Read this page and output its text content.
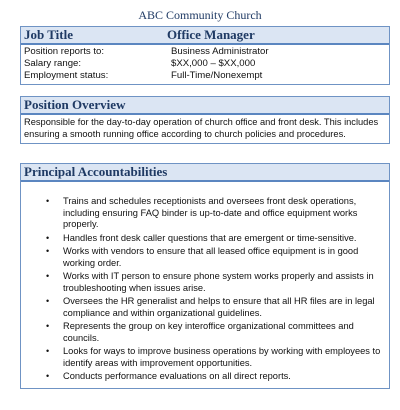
ABC Community Church
Job Title	Office Manager
Position reports to:	Business Administrator
Salary range:	$XX,000 – $XX,000
Employment status:	Full-Time/Nonexempt
Position Overview
Responsible for the day-to-day operation of church office and front desk. This includes ensuring a smooth running office according to church policies and procedures.
Principal Accountabilities
• Trains and schedules receptionists and oversees front desk operations, including ensuring FAQ binder is up-to-date and office equipment works properly.
• Handles front desk caller questions that are emergent or time-sensitive.
• Works with vendors to ensure that all leased office equipment is in good working order.
• Works with IT person to ensure phone system works properly and assists in troubleshooting when issues arise.
• Oversees the HR generalist and helps to ensure that all HR files are in legal compliance and within organizational guidelines.
• Represents the group on key interoffice organizational committees and councils.
• Looks for ways to improve business operations by working with employees to identify areas with improvement opportunities.
• Conducts performance evaluations on all direct reports.
